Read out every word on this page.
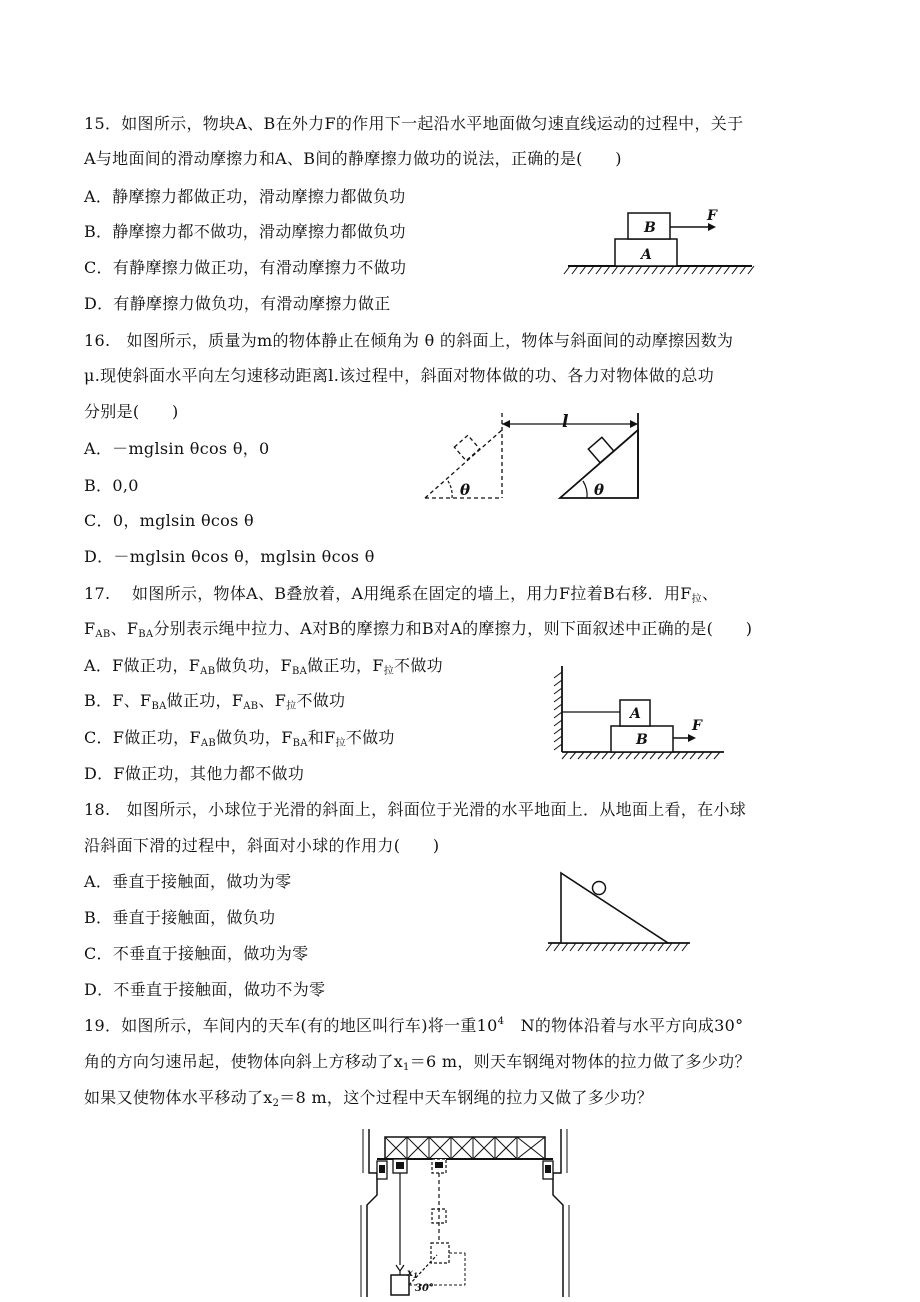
15．如图所示，物块A、B在外力F的作用下一起沿水平地面做匀速直线运动的过程中，关于
A与地面间的滑动摩擦力和A、B间的静摩擦力做功的说法，正确的是(　　)
A．静摩擦力都做正功，滑动摩擦力都做负功
B．静摩擦力都不做功，滑动摩擦力都做负功
C．有静摩擦力做正功，有滑动摩擦力不做功
D．有静摩擦力做负功，有滑动摩擦力做正
B
A
F
16.　如图所示，质量为m的物体静止在倾角为 θ 的斜面上，物体与斜面间的动摩擦因数为
μ.现使斜面水平向左匀速移动距离l.该过程中，斜面对物体做的功、各力对物体做的总功
分别是(　　)
A．－mglsin θcos θ，0
B．0,0
C．0，mglsin θcos θ
D．－mglsin θcos θ，mglsin θcos θ
l
θ	θ
17.　 如图所示，物体A、B叠放着，A用绳系在固定的墙上，用力F拉着B右移．用$F_拉$、
$F_{AB}$、$F_{BA}$分别表示绳中拉力、A对B的摩擦力和B对A的摩擦力，则下面叙述中正确的是(　　)
A．F做正功，$F_{AB}$做负功，$F_{BA}$做正功，$F_拉$不做功
B．F、$F_{BA}$做正功，$F_{AB}$、$F_拉$不做功
C．F做正功，$F_{AB}$做负功，$F_{BA}$和$F_拉$不做功
D．F做正功，其他力都不做功
A
B
F
18.　如图所示，小球位于光滑的斜面上，斜面位于光滑的水平地面上．从地面上看，在小球
沿斜面下滑的过程中，斜面对小球的作用力(　　)
A．垂直于接触面，做功为零
B．垂直于接触面，做负功
C．不垂直于接触面，做功为零
D．不垂直于接触面，做功不为零
19．如图所示，车间内的天车(有的地区叫行车)将一重$10^4$　N的物体沿着与水平方向成30°
角的方向匀速吊起，使物体向斜上方移动了$x_1=6$ m，则天车钢绳对物体的拉力做了多少功？
如果又使物体水平移动了$x_2=8$ m，这个过程中天车钢绳的拉力又做了多少功？
$x_1$
30°
